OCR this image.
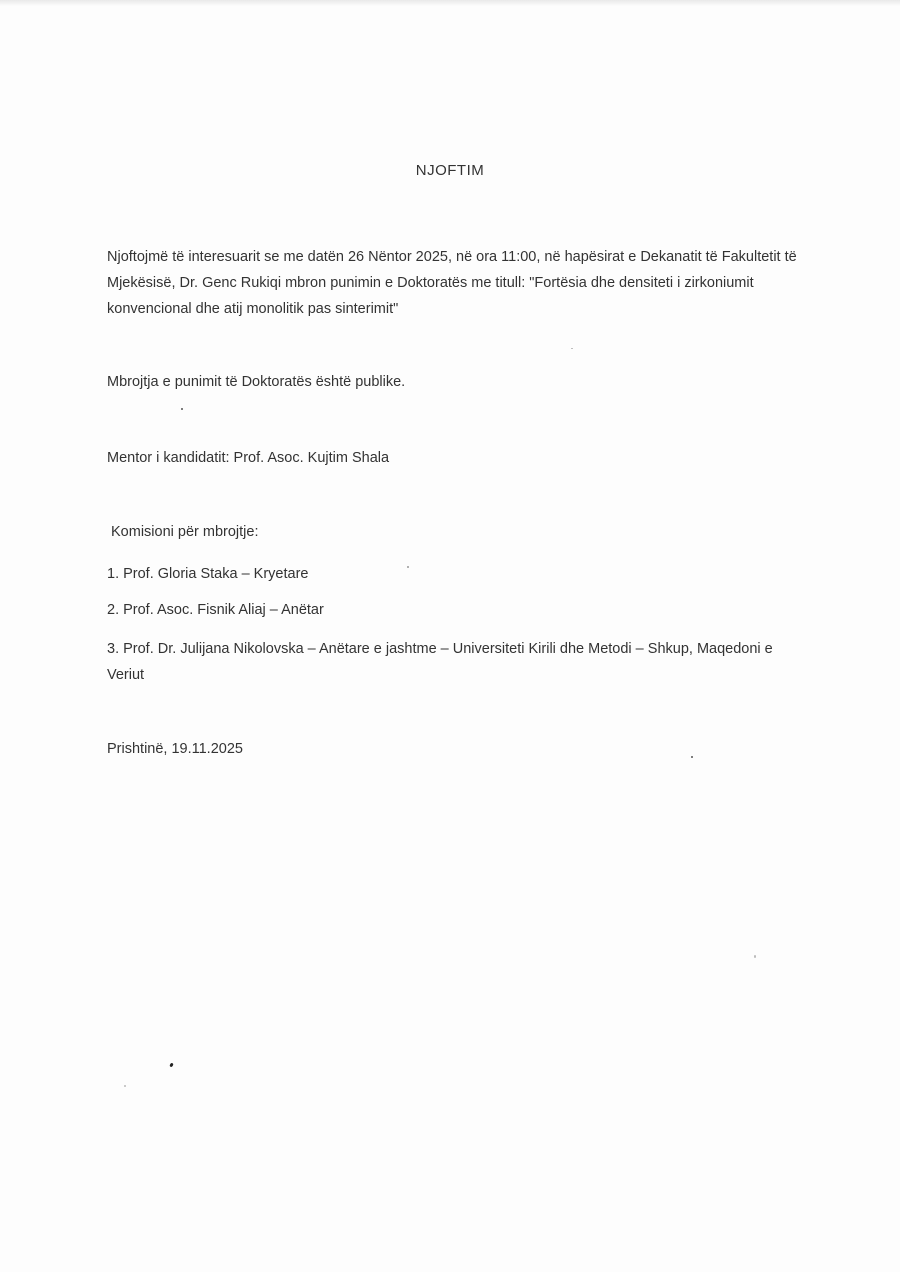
NJOFTIM
Njoftojmë të interesuarit se me datën 26 Nëntor 2025, në ora 11:00, në hapësirat e Dekanatit të Fakultetit të Mjekësisë, Dr. Genc Rukiqi mbron punimin e Doktoratës me titull: "Fortësia dhe densiteti i zirkoniumit konvencional dhe atij monolitik pas sinterimit"
Mbrojtja e punimit të Doktoratës është publike.
Mentor i kandidatit: Prof. Asoc. Kujtim Shala
Komisioni për mbrojtje:
1. Prof. Gloria Staka – Kryetare
2. Prof. Asoc. Fisnik Aliaj – Anëtar
3. Prof. Dr. Julijana Nikolovska – Anëtare e jashtme – Universiteti Kirili dhe Metodi – Shkup, Maqedoni e Veriut
Prishtinë, 19.11.2025
